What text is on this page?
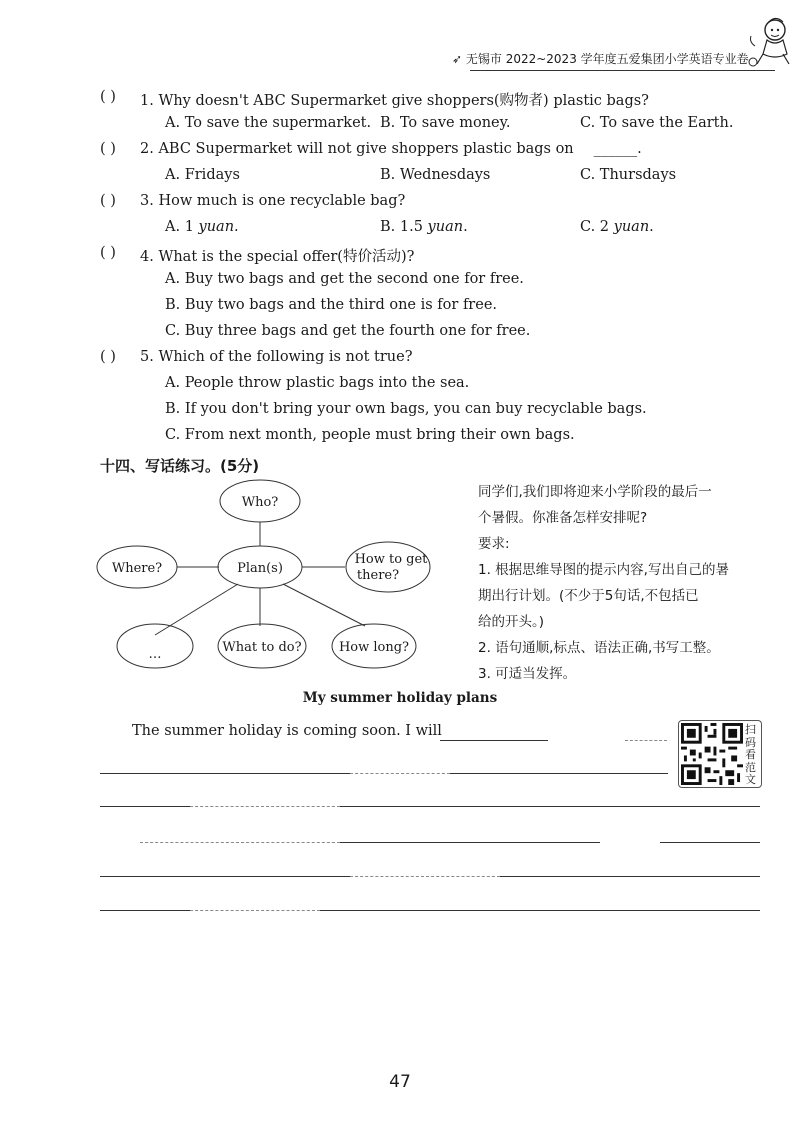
➶ 无锡市 2022~2023 学年度五爱集团小学英语专业卷
( ) 1. Why doesn't ABC Supermarket give shoppers(购物者) plastic bags?
A. To save the supermarket. B. To save money.	C. To save the Earth.
( ) 2. ABC Supermarket will not give shoppers plastic bags on ______.
A. Fridays	B. Wednesdays	C. Thursdays
( ) 3. How much is one recyclable bag?
A. 1 yuan.	B. 1.5 yuan.	C. 2 yuan.
( ) 4. What is the special offer(特价活动)?
A. Buy two bags and get the second one for free.
B. Buy two bags and the third one is for free.
C. Buy three bags and get the fourth one for free.
( ) 5. Which of the following is not true?
A. People throw plastic bags into the sea.
B. If you don't bring your own bags, you can buy recyclable bags.
C. From next month, people must bring their own bags.
十四、写话练习。(5分)
Who?
Plan(s)
Where?
How to get
there?
…	What to do?	How long?
同学们,我们即将迎来小学阶段的最后一
个暑假。你准备怎样安排呢?
要求:
1. 根据思维导图的提示内容,写出自己的暑
期出行计划。(不少于5句话,不包括已
给的开头。)
2. 语句通顺,标点、语法正确,书写工整。
3. 可适当发挥。
My summer holiday plans
The summer holiday is coming soon. I will	扫
码
看
范
文
47
